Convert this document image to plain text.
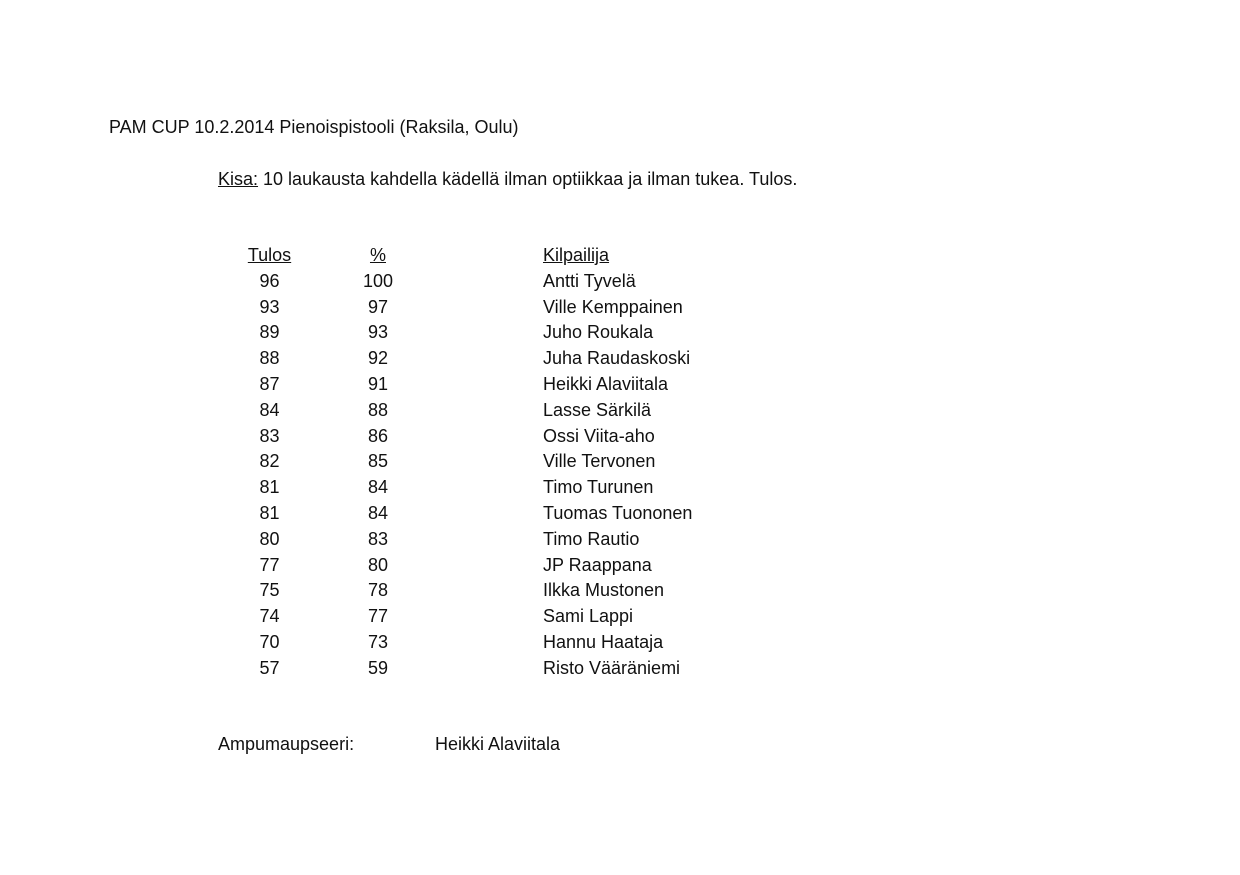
PAM CUP 10.2.2014 Pienoispistooli (Raksila, Oulu)
Kisa: 10 laukausta kahdella kädellä ilman optiikkaa ja ilman tukea. Tulos.
Tulos	%	Kilpailija
96	100	Antti Tyvelä
93	97	Ville Kemppainen
89	93	Juho Roukala
88	92	Juha Raudaskoski
87	91	Heikki Alaviitala
84	88	Lasse Särkilä
83	86	Ossi Viita-aho
82	85	Ville Tervonen
81	84	Timo Turunen
81	84	Tuomas Tuononen
80	83	Timo Rautio
77	80	JP Raappana
75	78	Ilkka Mustonen
74	77	Sami Lappi
70	73	Hannu Haataja
57	59	Risto Vääräniemi
Ampumaupseeri:	Heikki Alaviitala
